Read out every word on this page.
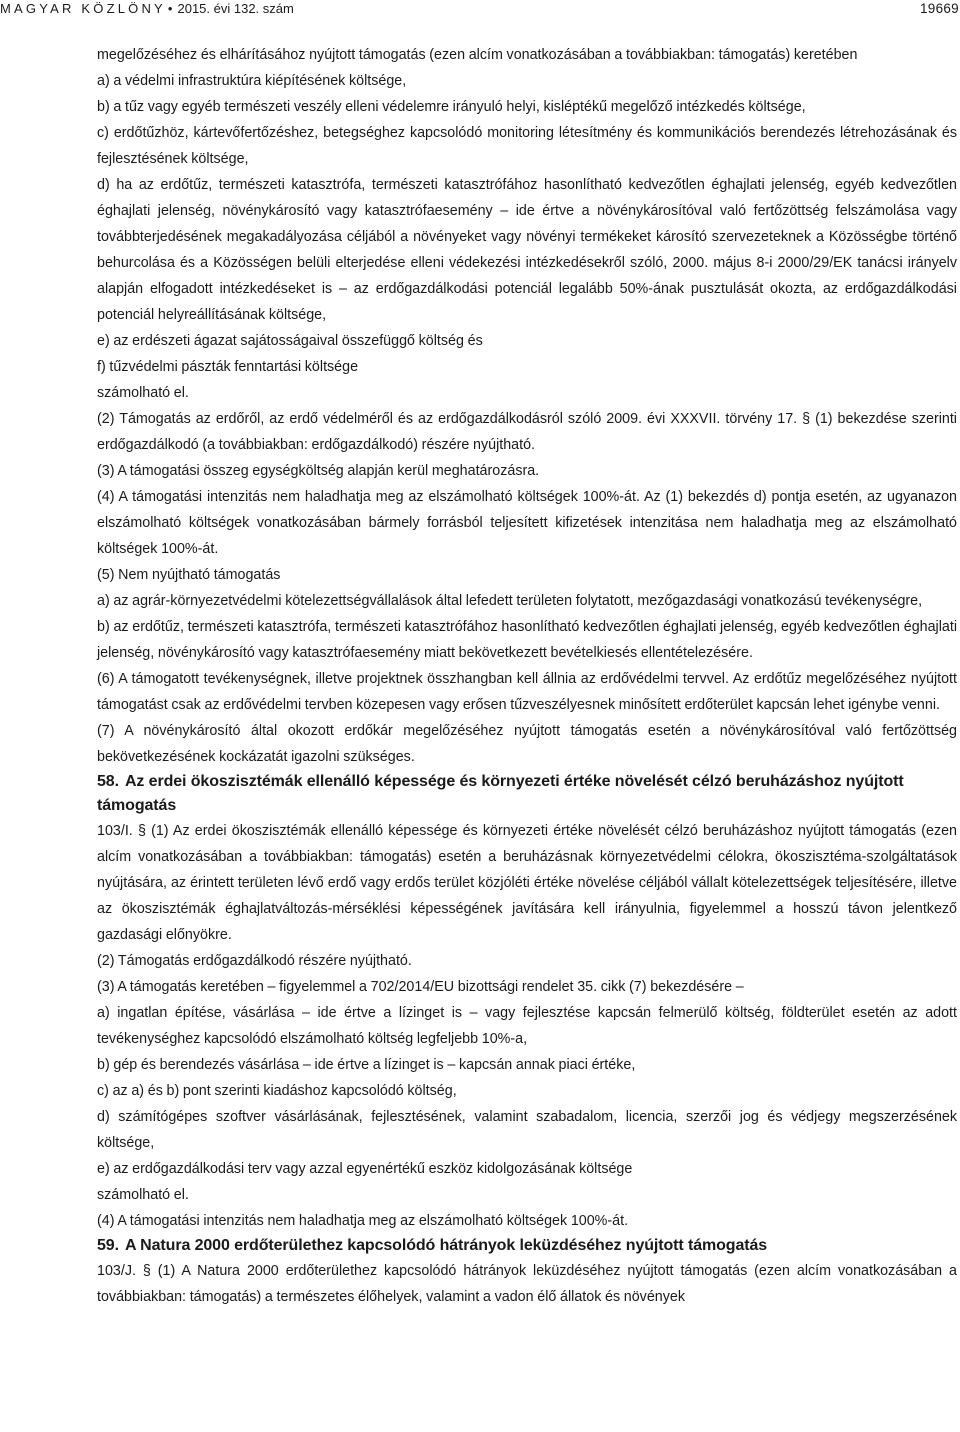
MAGYAR KÖZLÖNY • 2015. évi 132. szám	19669

megelőzéséhez és elhárításához nyújtott támogatás (ezen alcím vonatkozásában a továbbiakban: támogatás) keretében

a) a védelmi infrastruktúra kiépítésének költsége,

b) a tűz vagy egyéb természeti veszély elleni védelemre irányuló helyi, kisléptékű megelőző intézkedés költsége,

c) erdőtűzhöz, kártevőfertőzéshez, betegséghez kapcsolódó monitoring létesítmény és kommunikációs berendezés létrehozásának és fejlesztésének költsége,

d) ha az erdőtűz, természeti katasztrófa, természeti katasztrófához hasonlítható kedvezőtlen éghajlati jelenség, egyéb kedvezőtlen éghajlati jelenség, növénykárosító vagy katasztrófaesemény – ide értve a növénykárosítóval való fertőzöttség felszámolása vagy továbbterjedésének megakadályozása céljából a növényeket vagy növényi termékeket károsító szervezeteknek a Közösségbe történő behurcolása és a Közösségen belüli elterjedése elleni védekezési intézkedésekről szóló, 2000. május 8-i 2000/29/EK tanácsi irányelv alapján elfogadott intézkedéseket is – az erdőgazdálkodási potenciál legalább 50%-ának pusztulását okozta, az erdőgazdálkodási potenciál helyreállításának költsége,

e) az erdészeti ágazat sajátosságaival összefüggő költség és

f) tűzvédelmi pászták fenntartási költsége

számolható el.

(2) Támogatás az erdőről, az erdő védelméről és az erdőgazdálkodásról szóló 2009. évi XXXVII. törvény 17. § (1) bekezdése szerinti erdőgazdálkodó (a továbbiakban: erdőgazdálkodó) részére nyújtható.

(3) A támogatási összeg egységköltség alapján kerül meghatározásra.

(4) A támogatási intenzitás nem haladhatja meg az elszámolható költségek 100%-át. Az (1) bekezdés d) pontja esetén, az ugyanazon elszámolható költségek vonatkozásában bármely forrásból teljesített kifizetések intenzitása nem haladhatja meg az elszámolható költségek 100%-át.

(5) Nem nyújtható támogatás

a) az agrár-környezetvédelmi kötelezettségvállalások által lefedett területen folytatott, mezőgazdasági vonatkozású tevékenységre,

b) az erdőtűz, természeti katasztrófa, természeti katasztrófához hasonlítható kedvezőtlen éghajlati jelenség, egyéb kedvezőtlen éghajlati jelenség, növénykárosító vagy katasztrófaesemény miatt bekövetkezett bevételkiesés ellentételezésére.

(6) A támogatott tevékenységnek, illetve projektnek összhangban kell állnia az erdővédelmi tervvel. Az erdőtűz megelőzéséhez nyújtott támogatást csak az erdővédelmi tervben közepesen vagy erősen tűzveszélyesnek minősített erdőterület kapcsán lehet igénybe venni.

(7) A növénykárosító által okozott erdőkár megelőzéséhez nyújtott támogatás esetén a növénykárosítóval való fertőzöttség bekövetkezésének kockázatát igazolni szükséges.

58. Az erdei ökoszisztémák ellenálló képessége és környezeti értéke növelését célzó beruházáshoz nyújtott támogatás

103/I. § (1) Az erdei ökoszisztémák ellenálló képessége és környezeti értéke növelését célzó beruházáshoz nyújtott támogatás (ezen alcím vonatkozásában a továbbiakban: támogatás) esetén a beruházásnak környezetvédelmi célokra, ökoszisztéma-szolgáltatások nyújtására, az érintett területen lévő erdő vagy erdős terület közjóléti értéke növelése céljából vállalt kötelezettségek teljesítésére, illetve az ökoszisztémák éghajlatváltozás-mérséklési képességének javítására kell irányulnia, figyelemmel a hosszú távon jelentkező gazdasági előnyökre.

(2) Támogatás erdőgazdálkodó részére nyújtható.

(3) A támogatás keretében – figyelemmel a 702/2014/EU bizottsági rendelet 35. cikk (7) bekezdésére –

a) ingatlan építése, vásárlása – ide értve a lízinget is – vagy fejlesztése kapcsán felmerülő költség, földterület esetén az adott tevékenységhez kapcsolódó elszámolható költség legfeljebb 10%-a,

b) gép és berendezés vásárlása – ide értve a lízinget is – kapcsán annak piaci értéke,

c) az a) és b) pont szerinti kiadáshoz kapcsolódó költség,

d) számítógépes szoftver vásárlásának, fejlesztésének, valamint szabadalom, licencia, szerzői jog és védjegy megszerzésének költsége,

e) az erdőgazdálkodási terv vagy azzal egyenértékű eszköz kidolgozásának költsége

számolható el.

(4) A támogatási intenzitás nem haladhatja meg az elszámolható költségek 100%-át.

59. A Natura 2000 erdőterülethez kapcsolódó hátrányok leküzdéséhez nyújtott támogatás

103/J. § (1) A Natura 2000 erdőterülethez kapcsolódó hátrányok leküzdéséhez nyújtott támogatás (ezen alcím vonatkozásában a továbbiakban: támogatás) a természetes élőhelyek, valamint a vadon élő állatok és növények
